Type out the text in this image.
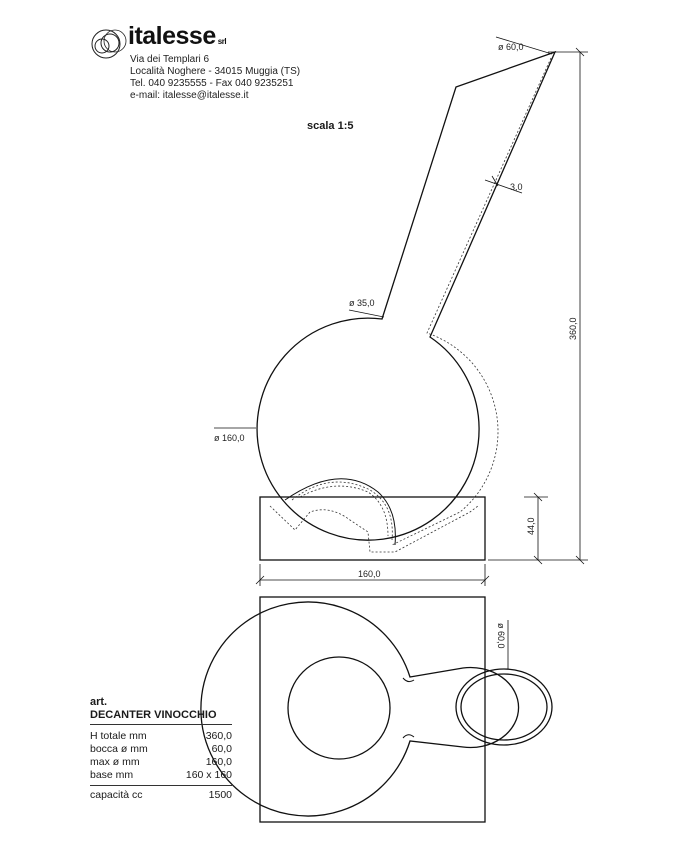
italesse srl
Via dei Templari 6
Località Noghere - 34015 Muggia (TS)
Tel. 040 9235555 - Fax 040 9235251
e-mail: italesse@italesse.it
scala 1:5
ø 60,0
3,0
ø 35,0
ø 160,0
360,0
44,0
160,0
ø 60,0
art.
DECANTER VINOCCHIO
H totale mm	360,0
bocca ø mm	60,0
max ø mm	160,0
base mm	160 x 160
capacità cc	1500
